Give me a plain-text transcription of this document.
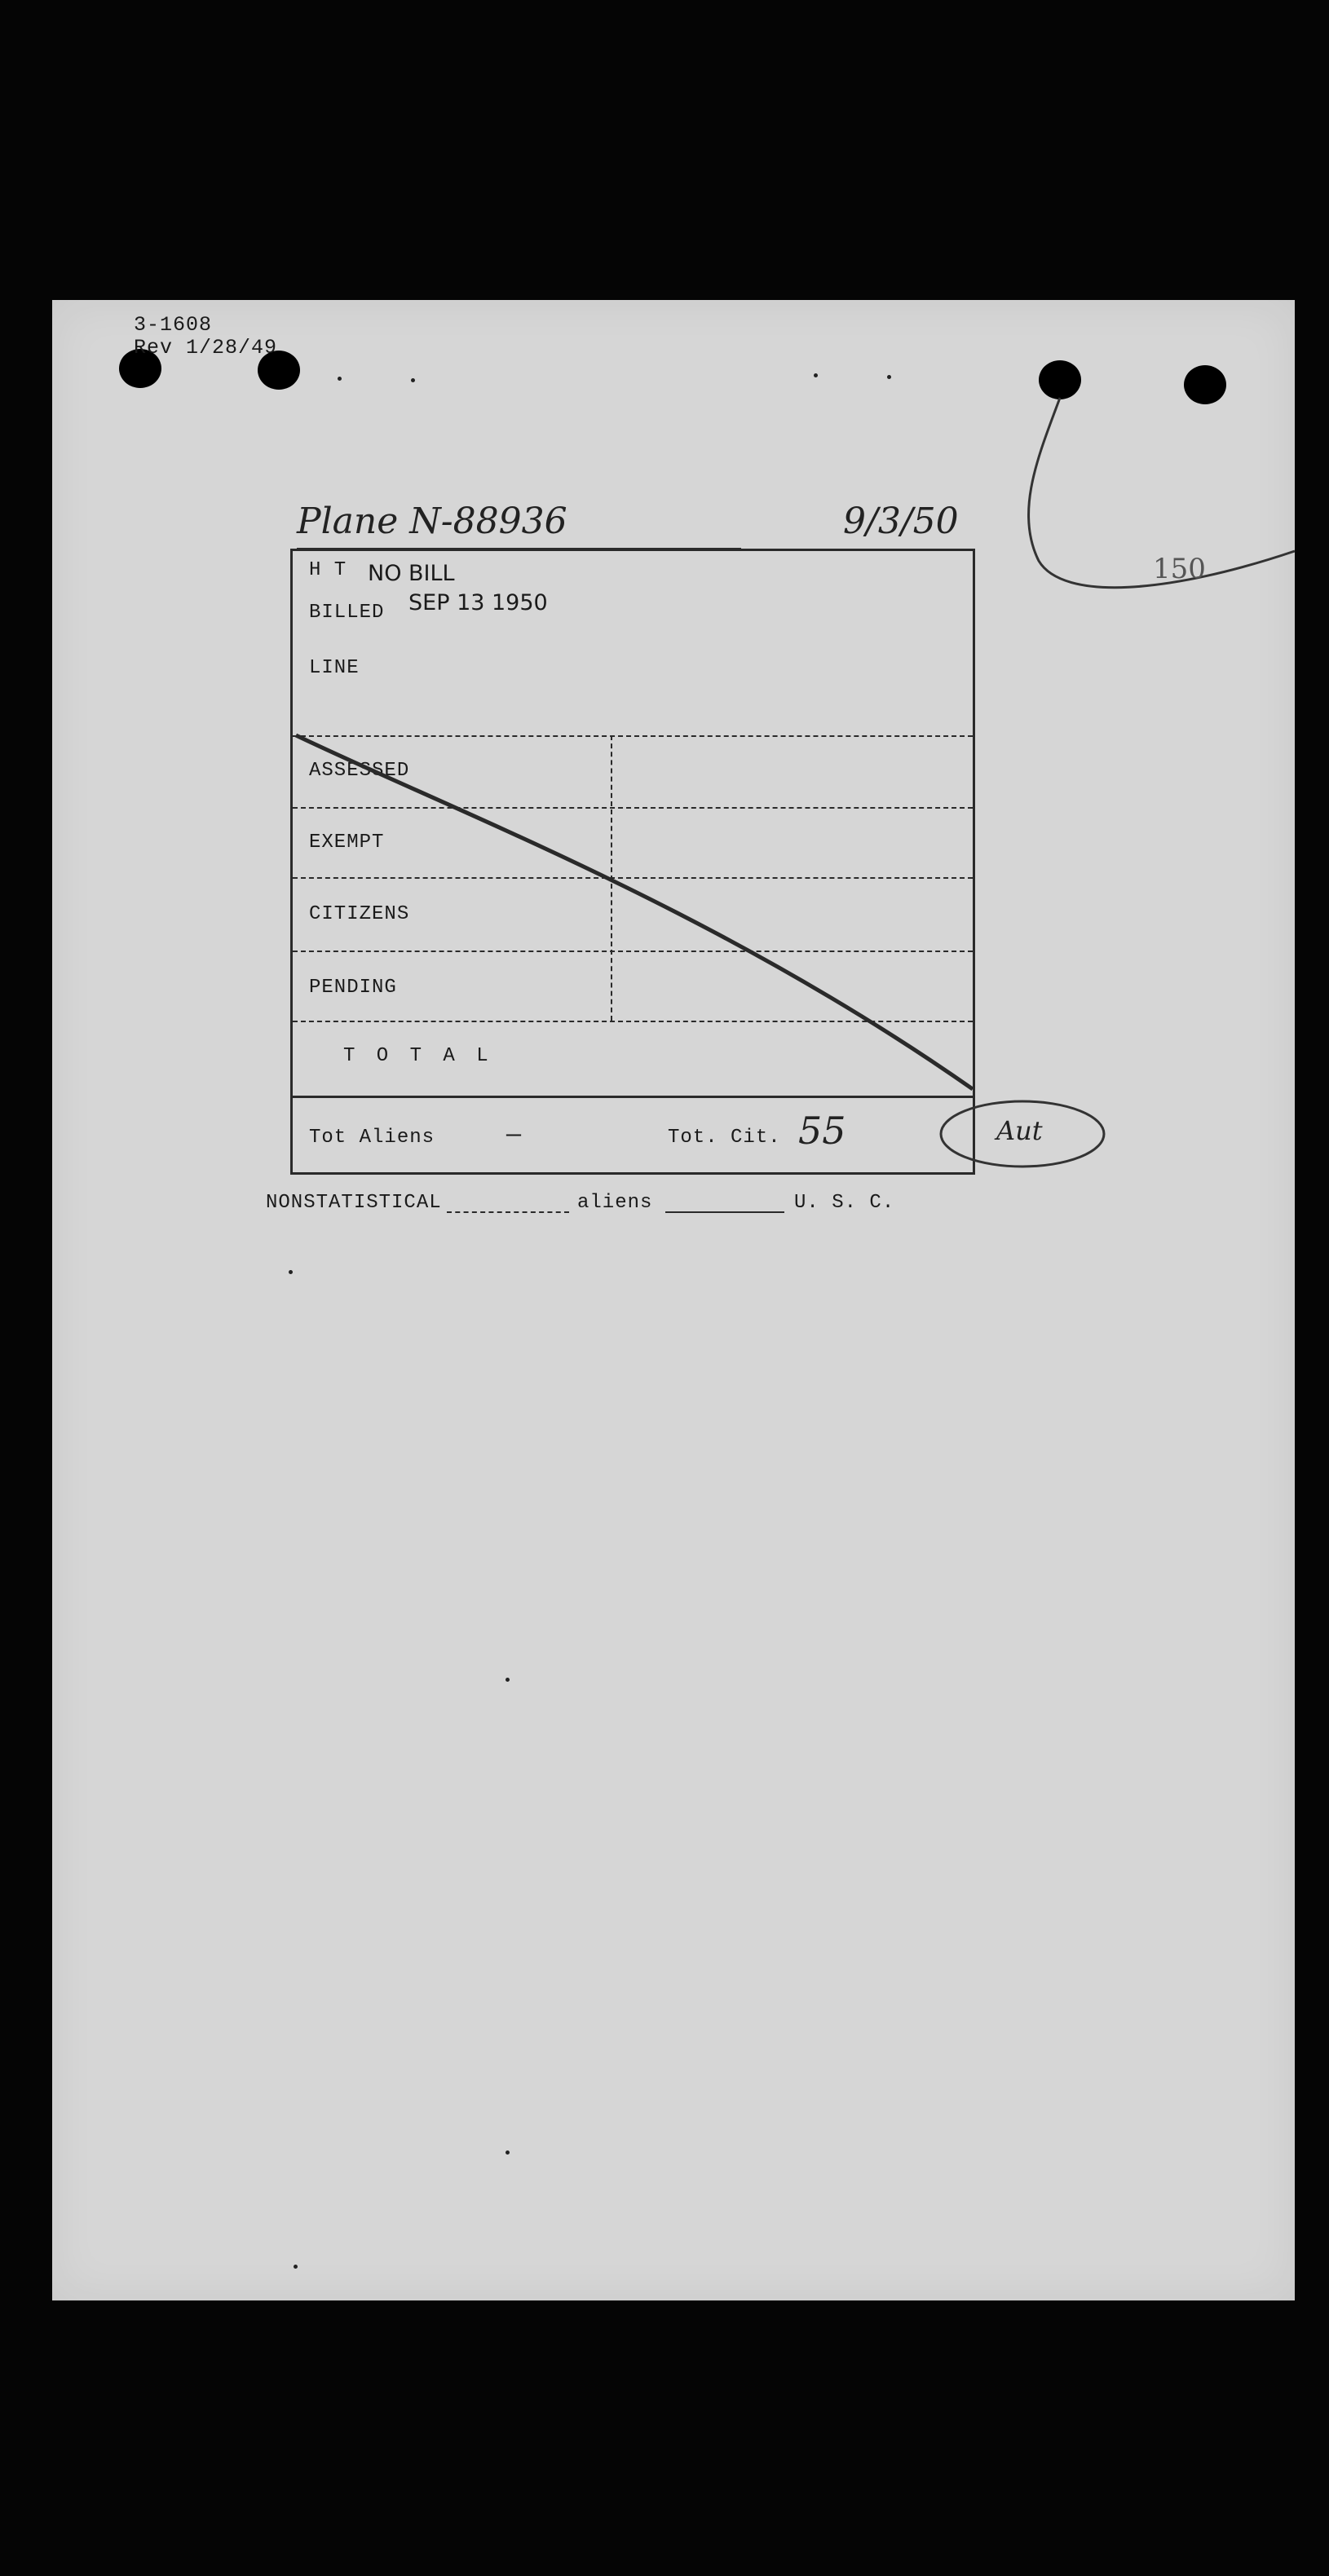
3-1608
Rev 1/28/49
Plane N-88936	9/3/50
150
H T NO BILL
BILLED SEP 13 1950
LINE
ASSESSED
EXEMPT
CITIZENS
PENDING
T O T A L
Tot Aliens	—	Tot. Cit. 55	Aut
NONSTATISTICAL	aliens	U. S. C.
